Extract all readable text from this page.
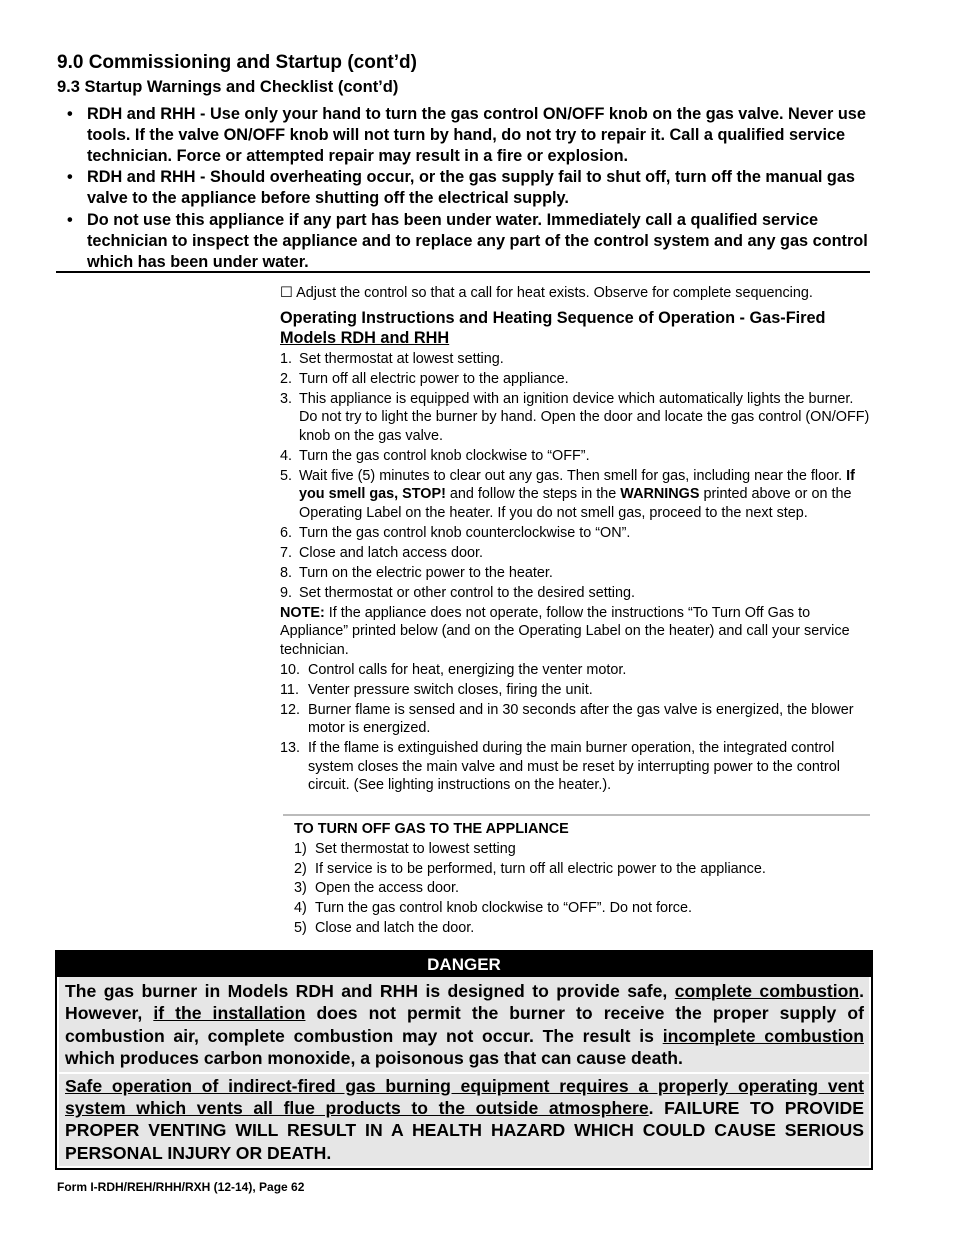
9.0 Commissioning and Startup (cont’d)
9.3 Startup Warnings and Checklist (cont’d)
• RDH and RHH - Use only your hand to turn the gas control ON/OFF knob on the gas valve. Never use tools. If the valve ON/OFF knob will not turn by hand, do not try to repair it. Call a qualified service technician. Force or attempted repair may result in a fire or explosion.
• RDH and RHH - Should overheating occur, or the gas supply fail to shut off, turn off the manual gas valve to the appliance before shutting off the electrical supply.
• Do not use this appliance if any part has been under water. Immediately call a qualified service technician to inspect the appliance and to replace any part of the control system and any gas control which has been under water.

☐ Adjust the control so that a call for heat exists. Observe for complete sequencing.

Operating Instructions and Heating Sequence of Operation - Gas-Fired
Models RDH and RHH

1. Set thermostat at lowest setting.
2. Turn off all electric power to the appliance.
3. This appliance is equipped with an ignition device which automatically lights the burner. Do not try to light the burner by hand. Open the door and locate the gas control (ON/OFF) knob on the gas valve.
4. Turn the gas control knob clockwise to “OFF”.
5. Wait five (5) minutes to clear out any gas. Then smell for gas, including near the floor. If you smell gas, STOP! and follow the steps in the WARNINGS printed above or on the Operating Label on the heater. If you do not smell gas, proceed to the next step.
6. Turn the gas control knob counterclockwise to “ON”.
7. Close and latch access door.
8. Turn on the electric power to the heater.
9. Set thermostat or other control to the desired setting.

NOTE: If the appliance does not operate, follow the instructions “To Turn Off Gas to Appliance” printed below (and on the Operating Label on the heater) and call your service technician.

10. Control calls for heat, energizing the venter motor.
11. Venter pressure switch closes, firing the unit.
12. Burner flame is sensed and in 30 seconds after the gas valve is energized, the blower motor is energized.
13. If the flame is extinguished during the main burner operation, the integrated control system closes the main valve and must be reset by interrupting power to the control circuit. (See lighting instructions on the heater.).

TO TURN OFF GAS TO THE APPLIANCE

1) Set thermostat to lowest setting
2) If service is to be performed, turn off all electric power to the appliance.
3) Open the access door.
4) Turn the gas control knob clockwise to “OFF”. Do not force.
5) Close and latch the door.
DANGER
The gas burner in Models RDH and RHH is designed to provide safe, complete combustion. However, if the installation does not permit the burner to receive the proper supply of combustion air, complete combustion may not occur. The result is incomplete combustion which produces carbon monoxide, a poisonous gas that can cause death.
Safe operation of indirect-fired gas burning equipment requires a properly operating vent system which vents all flue products to the outside atmosphere. FAILURE TO PROVIDE PROPER VENTING WILL RESULT IN A HEALTH HAZARD WHICH COULD CAUSE SERIOUS PERSONAL INJURY OR DEATH.
Form I-RDH/REH/RHH/RXH (12-14), Page 62
